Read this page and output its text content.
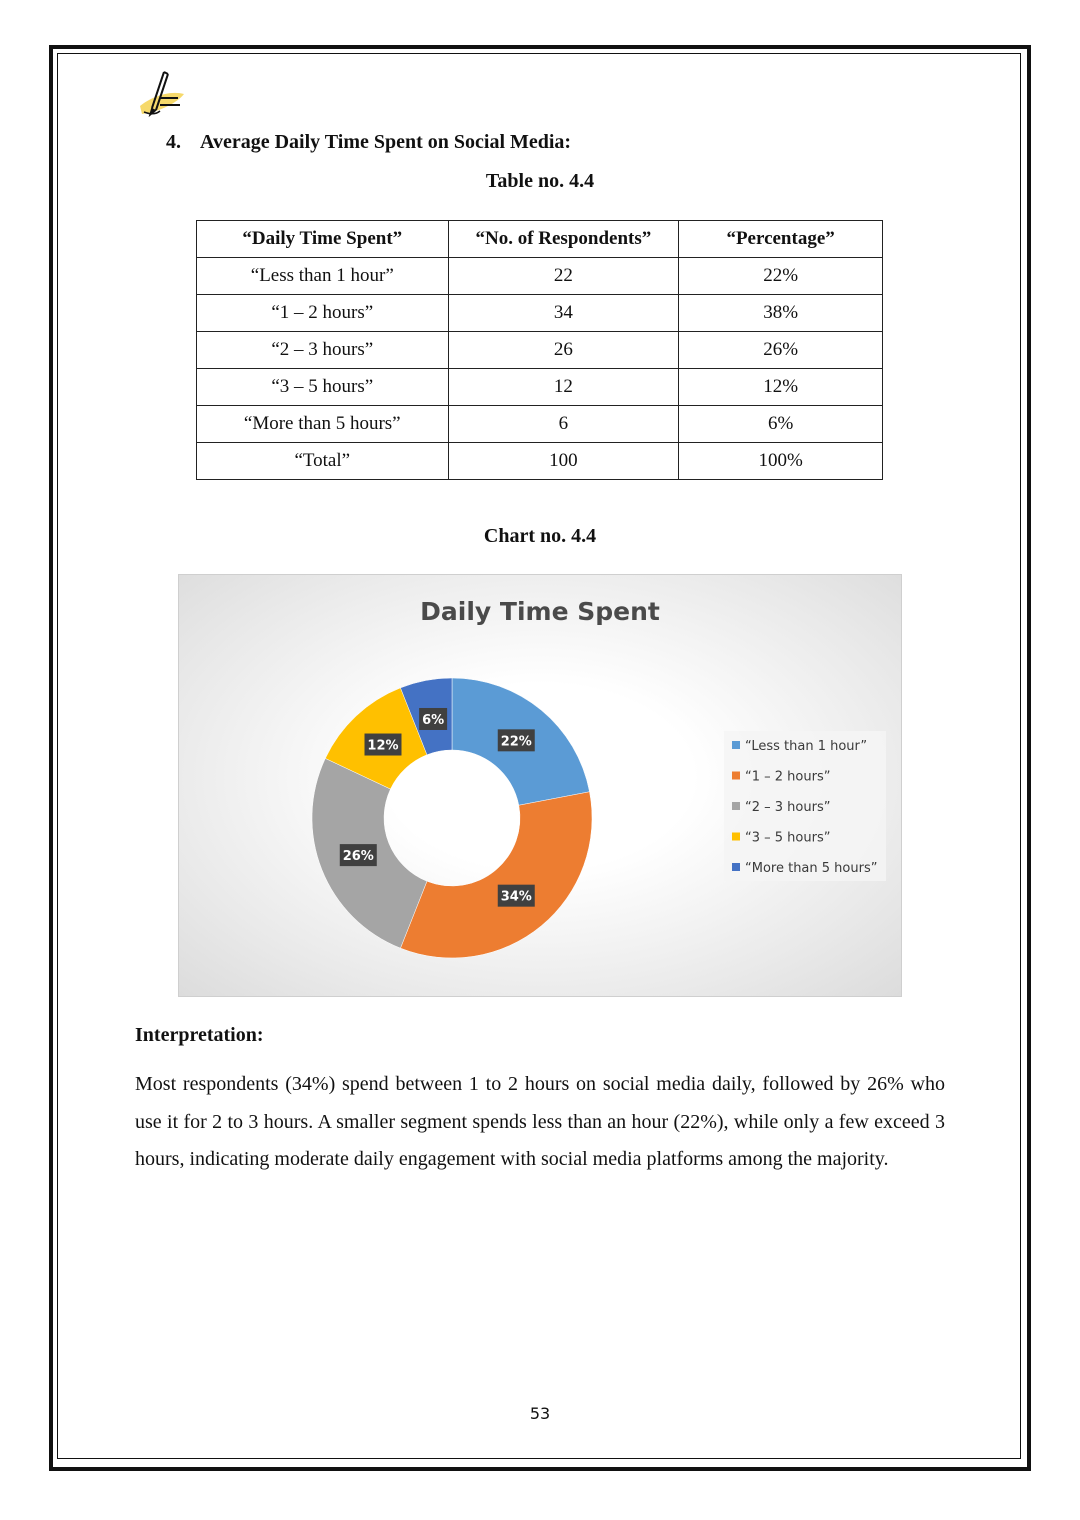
4. Average Daily Time Spent on Social Media:
Table no. 4.4
“Daily Time Spent”	“No. of Respondents”	“Percentage”
“Less than 1 hour”	22	22%
“1 – 2 hours”	34	38%
“2 – 3 hours”	26	26%
“3 – 5 hours”	12	12%
“More than 5 hours”	6	6%
“Total”	100	100%
Chart no. 4.4
Daily Time Spent
22%
34%
26%
12%
6%
“Less than 1 hour”
“1 – 2 hours”
“2 – 3 hours”
“3 – 5 hours”
“More than 5 hours”
Interpretation:
Most respondents (34%) spend between 1 to 2 hours on social media daily, followed by 26% who use it for 2 to 3 hours. A smaller segment spends less than an hour (22%), while only a few exceed 3 hours, indicating moderate daily engagement with social media platforms among the majority.
53
